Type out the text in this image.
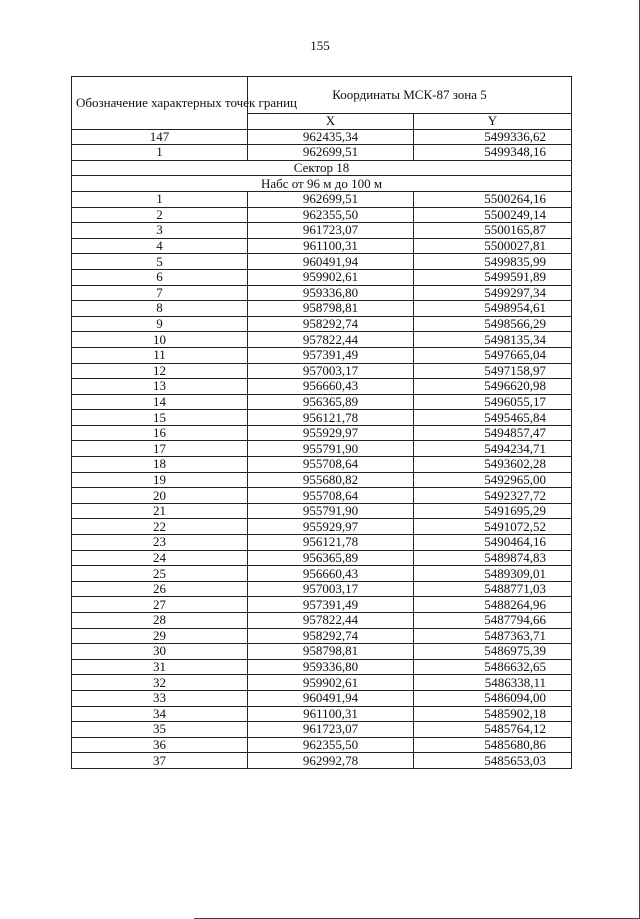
155
Обозначение характерных точек границ	Координаты МСК-87 зона 5	
	X	Y
147	962435,34	5499336,62
1	962699,51	5499348,16
Сектор 18		
Набс от 96 м до 100 м		
1	962699,51	5500264,16
2	962355,50	5500249,14
3	961723,07	5500165,87
4	961100,31	5500027,81
5	960491,94	5499835,99
6	959902,61	5499591,89
7	959336,80	5499297,34
8	958798,81	5498954,61
9	958292,74	5498566,29
10	957822,44	5498135,34
11	957391,49	5497665,04
12	957003,17	5497158,97
13	956660,43	5496620,98
14	956365,89	5496055,17
15	956121,78	5495465,84
16	955929,97	5494857,47
17	955791,90	5494234,71
18	955708,64	5493602,28
19	955680,82	5492965,00
20	955708,64	5492327,72
21	955791,90	5491695,29
22	955929,97	5491072,52
23	956121,78	5490464,16
24	956365,89	5489874,83
25	956660,43	5489309,01
26	957003,17	5488771,03
27	957391,49	5488264,96
28	957822,44	5487794,66
29	958292,74	5487363,71
30	958798,81	5486975,39
31	959336,80	5486632,65
32	959902,61	5486338,11
33	960491,94	5486094,00
34	961100,31	5485902,18
35	961723,07	5485764,12
36	962355,50	5485680,86
37	962992,78	5485653,03
